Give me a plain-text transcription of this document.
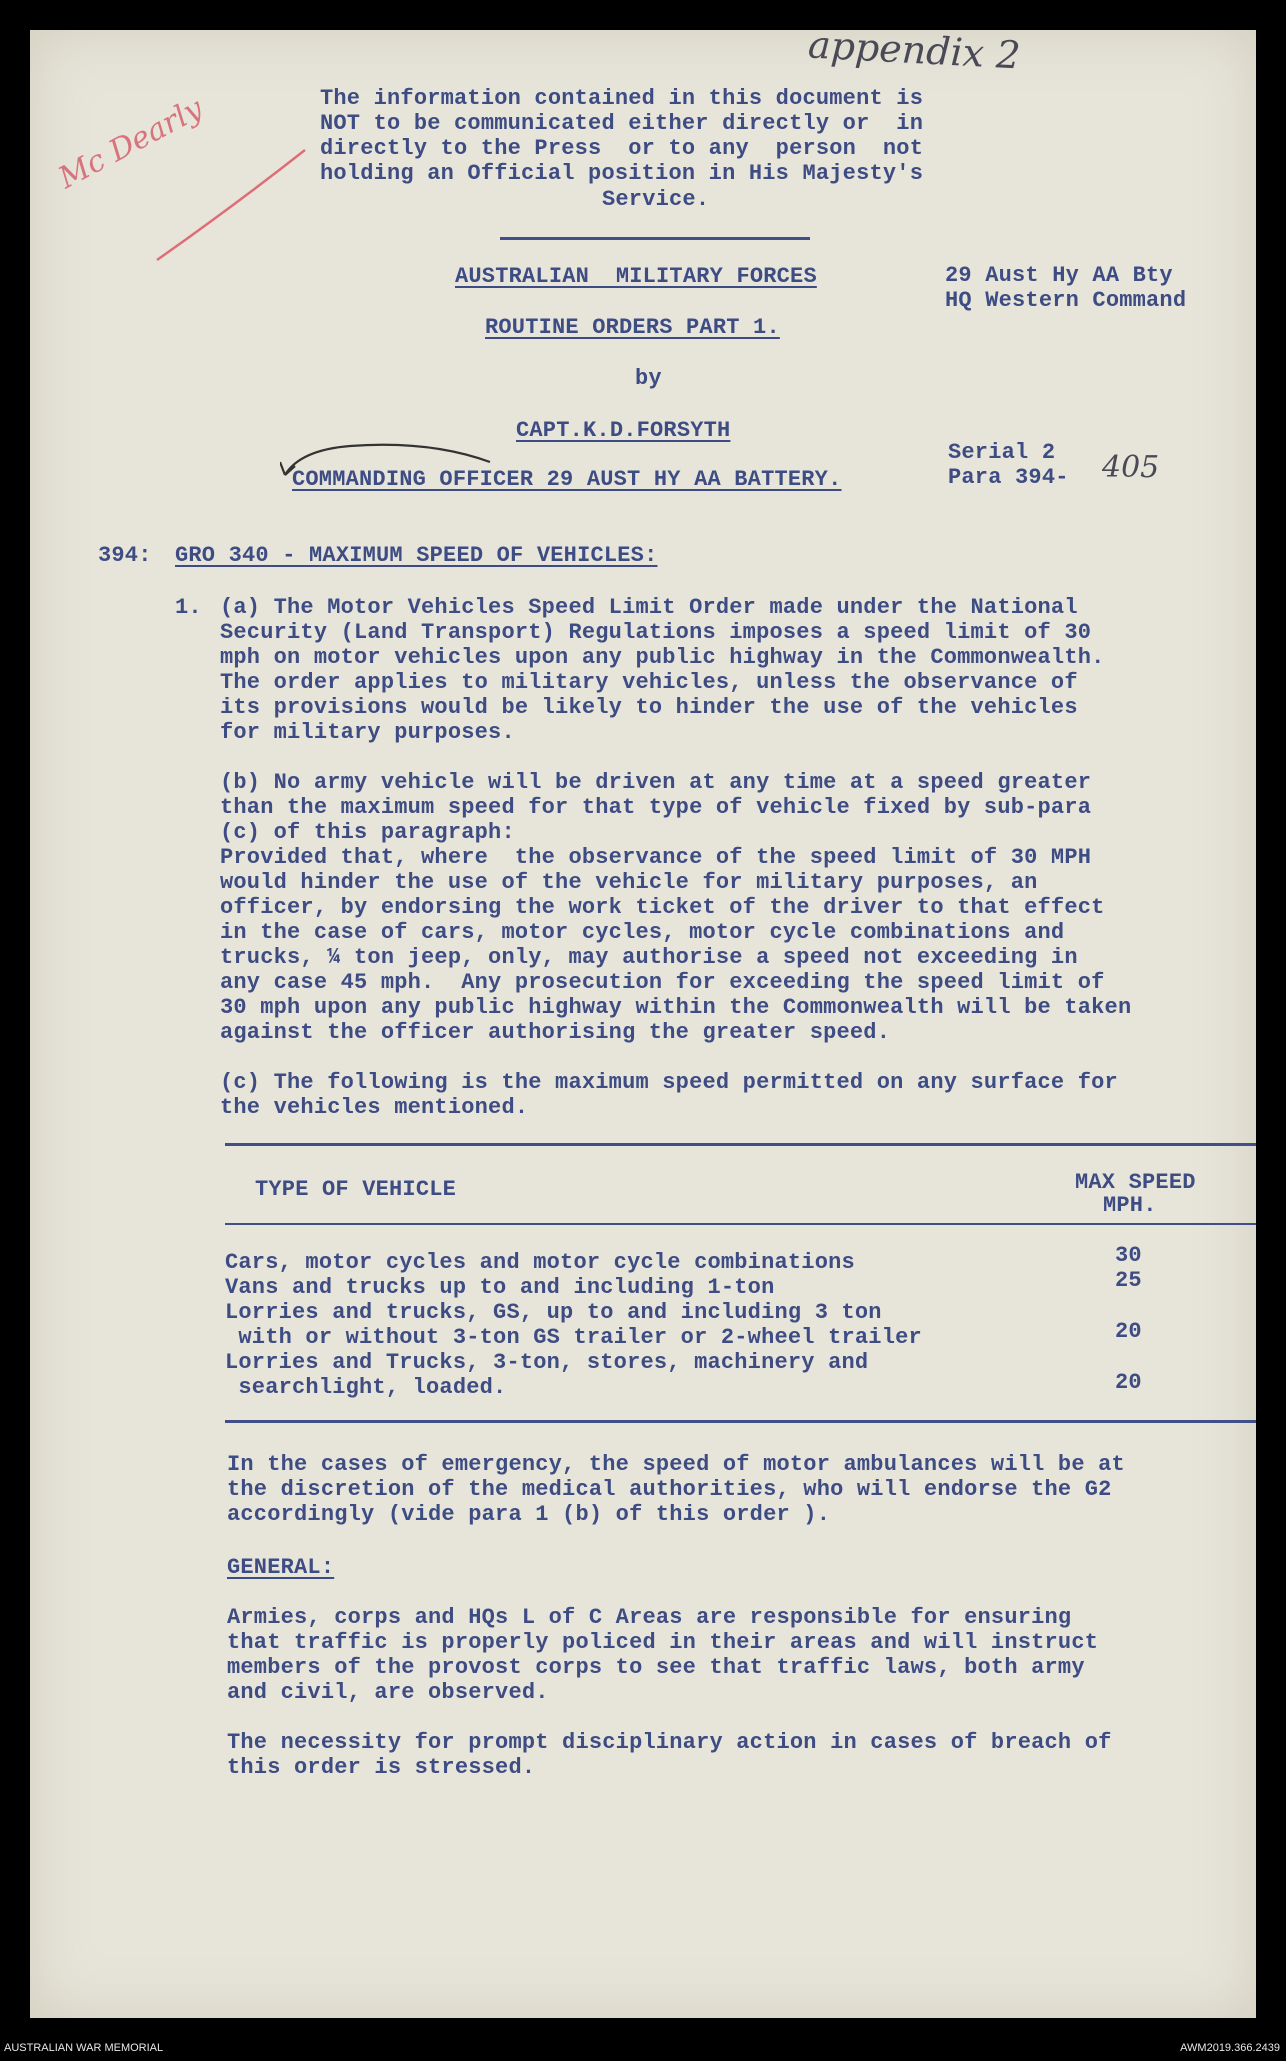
appendix 2
Mc Dearly	The information contained in this document is
NOT to be communicated either directly or  in
directly to the Press  or to any  person  not
holding an Official position in His Majesty's
Service.
AUSTRALIAN  MILITARY FORCES
ROUTINE ORDERS PART 1.
by
CAPT.K.D.FORSYTH
COMMANDING OFFICER 29 AUST HY AA BATTERY.
29 Aust Hy AA Bty
HQ Western Command
Serial 2
Para 394- 405
394: GRO 340 - MAXIMUM SPEED OF VEHICLES:
1. (a) The Motor Vehicles Speed Limit Order made under the National
Security (Land Transport) Regulations imposes a speed limit of 30
mph on motor vehicles upon any public highway in the Commonwealth.
The order applies to military vehicles, unless the observance of
its provisions would be likely to hinder the use of the vehicles
for military purposes.
(b) No army vehicle will be driven at any time at a speed greater
than the maximum speed for that type of vehicle fixed by sub-para
(c) of this paragraph:
Provided that, where  the observance of the speed limit of 30 MPH
would hinder the use of the vehicle for military purposes, an
officer, by endorsing the work ticket of the driver to that effect
in the case of cars, motor cycles, motor cycle combinations and
trucks, ¼ ton jeep, only, may authorise a speed not exceeding in
any case 45 mph.  Any prosecution for exceeding the speed limit of
30 mph upon any public highway within the Commonwealth will be taken
against the officer authorising the greater speed.
(c) The following is the maximum speed permitted on any surface for
the vehicles mentioned.
TYPE OF VEHICLE	MAX SPEED
MPH.
Cars, motor cycles and motor cycle combinations	30
Vans and trucks up to and including 1-ton	25
Lorries and trucks, GS, up to and including 3 ton
with or without 3-ton GS trailer or 2-wheel trailer	20
Lorries and Trucks, 3-ton, stores, machinery and
searchlight, loaded.	20
In the cases of emergency, the speed of motor ambulances will be at
the discretion of the medical authorities, who will endorse the G2
accordingly (vide para 1 (b) of this order ).
GENERAL:
Armies, corps and HQs L of C Areas are responsible for ensuring
that traffic is properly policed in their areas and will instruct
members of the provost corps to see that traffic laws, both army
and civil, are observed.
The necessity for prompt disciplinary action in cases of breach of
this order is stressed.
AUSTRALIAN WAR MEMORIAL	AWM2019.366.2439
